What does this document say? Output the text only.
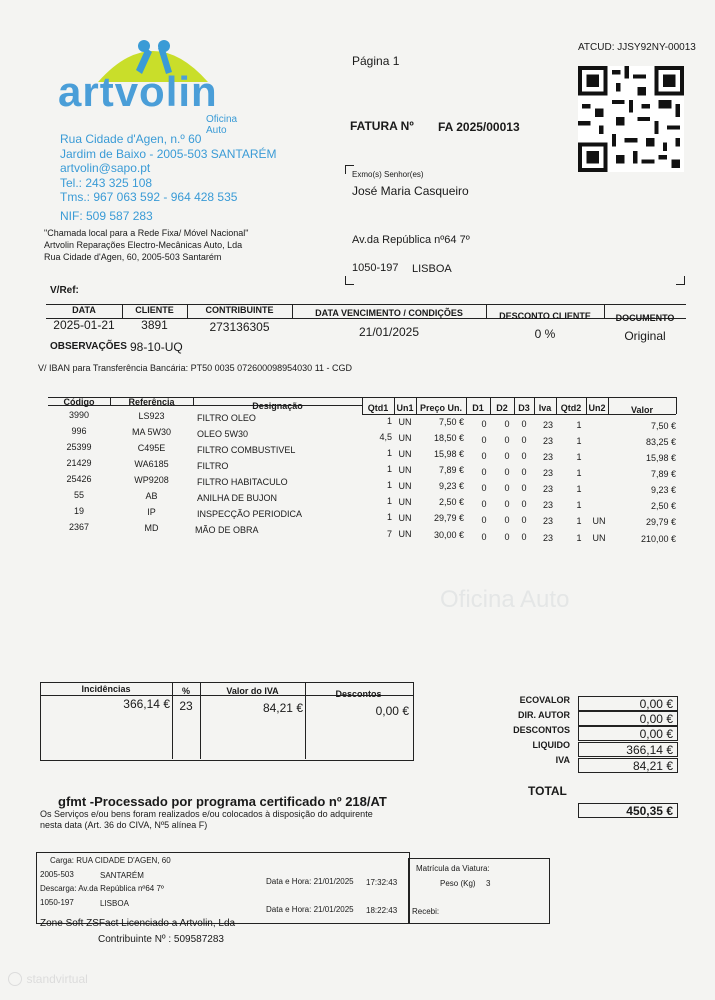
artvolin
Oficina Auto
Rua Cidade d'Agen, n.º 60
Jardim de Baixo - 2005-503 SANTARÉM
artvolin@sapo.pt
Tel.: 243 325 108
Tms.: 967 063 592 - 964 428 535
NIF: 509 587 283
"Chamada local para a Rede Fixa/ Móvel Nacional"
Artvolin Reparações Electro-Mecânicas Auto, Lda
Rua Cidade d'Agen, 60, 2005-503 Santarém
Página 1
ATCUD: JJSY92NY-00013
FATURA Nº FA 2025/00013
Exmo(s) Senhor(es)
José Maria Casqueiro
Av.da República nº64 7º
1050-197 LISBOA
V/Ref:
DATA	CLIENTE	CONTRIBUINTE	DATA VENCIMENTO / CONDIÇÕES	DESCONTO CLIENTE	DOCUMENTO
2025-01-21	3891	273136305	21/01/2025	0 %	Original
OBSERVAÇÕES 98-10-UQ
V/ IBAN para Transferência Bancária: PT50 0035 072600098954030 11 - CGD
Código	Referência	Designação	Qtd1 Un1 Preço Un.	D1	D2	D3 Iva	Qtd2 Un2	Valor
3990	LS923	FILTRO OLEO	1 UN	7,50 €	0	0	0	23	1	7,50 €
996	MA 5W30	OLEO 5W30	4,5 UN	18,50 €	0	0	0	23	1	83,25 €
25399	C495E	FILTRO COMBUSTIVEL	1 UN	15,98 €	0	0	0	23	1	15,98 €
21429	WA6185	FILTRO	1 UN	7,89 €	0	0	0	23	1	7,89 €
25426	WP9208	FILTRO HABITACULO	1 UN	9,23 €	0	0	0	23	1	9,23 €
55	AB	ANILHA DE BUJON	1 UN	2,50 €	0	0	0	23	1	2,50 €
19	IP	INSPECÇÃO PERIODICA	1 UN	29,79 €	0	0	0	23	1	UN	29,79 €
2367	MD	MÃO DE OBRA	7 UN	30,00 €	0	0	0	23	1	UN	210,00 €
Oficina Auto
Incidências	%	Valor do IVA	Descontos
366,14 € 23	84,21 €	0,00 €
ECOVALOR	0,00 €
DIR. AUTOR	0,00 €
DESCONTOS	0,00 €
LIQUIDO	366,14 €
IVA	84,21 €
TOTAL
450,35 €
gfmt -Processado por programa certificado nº 218/AT
Os Serviços e/ou bens foram realizados e/ou colocados à disposição do adquirente
nesta data (Art. 36 do CIVA, Nº5 alínea F)
Carga: RUA CIDADE D'AGEN, 60
2005-503	SANTARÉM
Descarga: Av.da República nº64 7º
1050-197	LISBOA
Data e Hora: 21/01/2025 17:32:43
Data e Hora: 21/01/2025 18:22:43
Matrícula da Viatura:
Peso (Kg) 3
Recebi:
Zone Soft ZSFact Licenciado a Artvolin, Lda
Contribuinte Nº : 509587283
standvirtual
